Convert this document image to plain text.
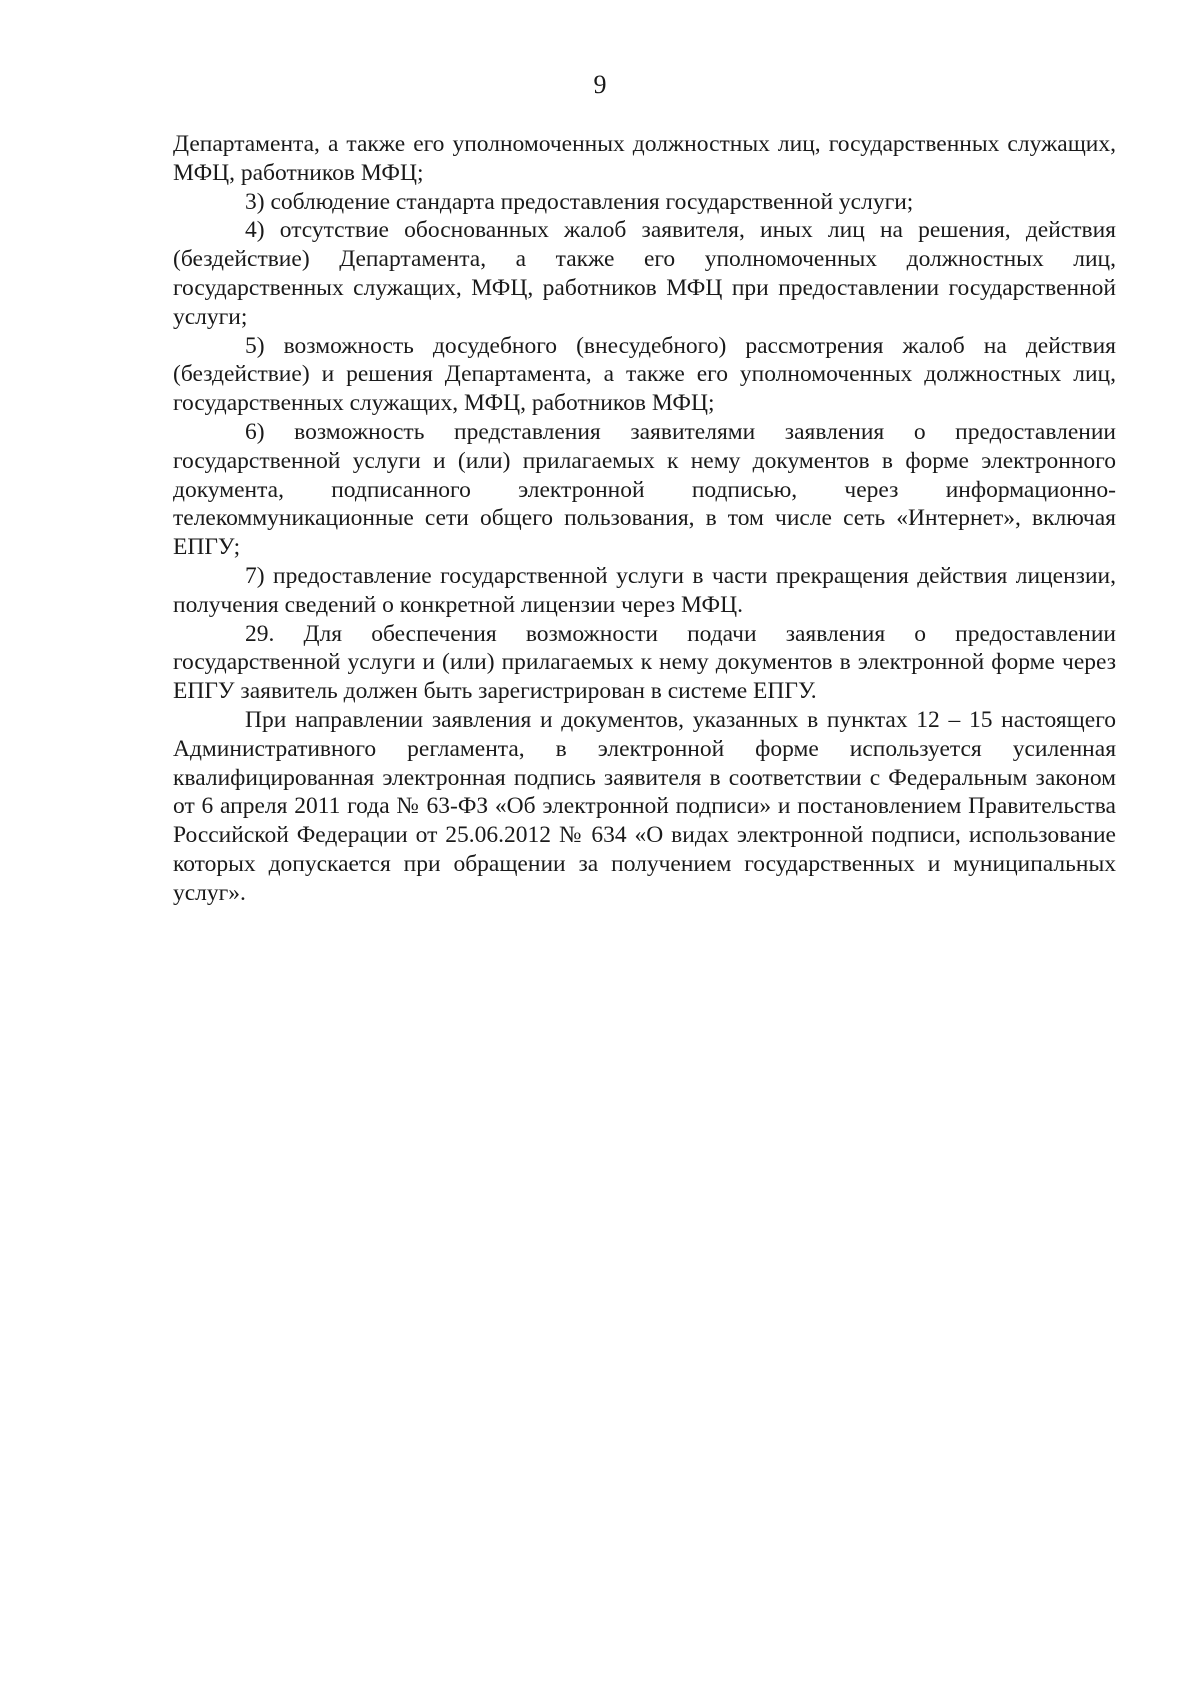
9

Департамента, а также его уполномоченных должностных лиц, государственных служащих, МФЦ, работников МФЦ;

3) соблюдение стандарта предоставления государственной услуги;

4) отсутствие обоснованных жалоб заявителя, иных лиц на решения, действия (бездействие) Департамента, а также его уполномоченных должностных лиц, государственных служащих, МФЦ, работников МФЦ при предоставлении государственной услуги;

5) возможность досудебного (внесудебного) рассмотрения жалоб на действия (бездействие) и решения Департамента, а также его уполномоченных должностных лиц, государственных служащих, МФЦ, работников МФЦ;

6) возможность представления заявителями заявления о предоставлении государственной услуги и (или) прилагаемых к нему документов в форме электронного документа, подписанного электронной подписью, через информационно-телекоммуникационные сети общего пользования, в том числе сеть «Интернет», включая ЕПГУ;

7) предоставление государственной услуги в части прекращения действия лицензии, получения сведений о конкретной лицензии через МФЦ.

29. Для обеспечения возможности подачи заявления о предоставлении государственной услуги и (или) прилагаемых к нему документов в электронной форме через ЕПГУ заявитель должен быть зарегистрирован в системе ЕПГУ.

При направлении заявления и документов, указанных в пунктах 12 – 15 настоящего Административного регламента, в электронной форме используется усиленная квалифицированная электронная подпись заявителя в соответствии с Федеральным законом от 6 апреля 2011 года № 63-ФЗ «Об электронной подписи» и постановлением Правительства Российской Федерации от 25.06.2012 № 634 «О видах электронной подписи, использование которых допускается при обращении за получением государственных и муниципальных услуг».
